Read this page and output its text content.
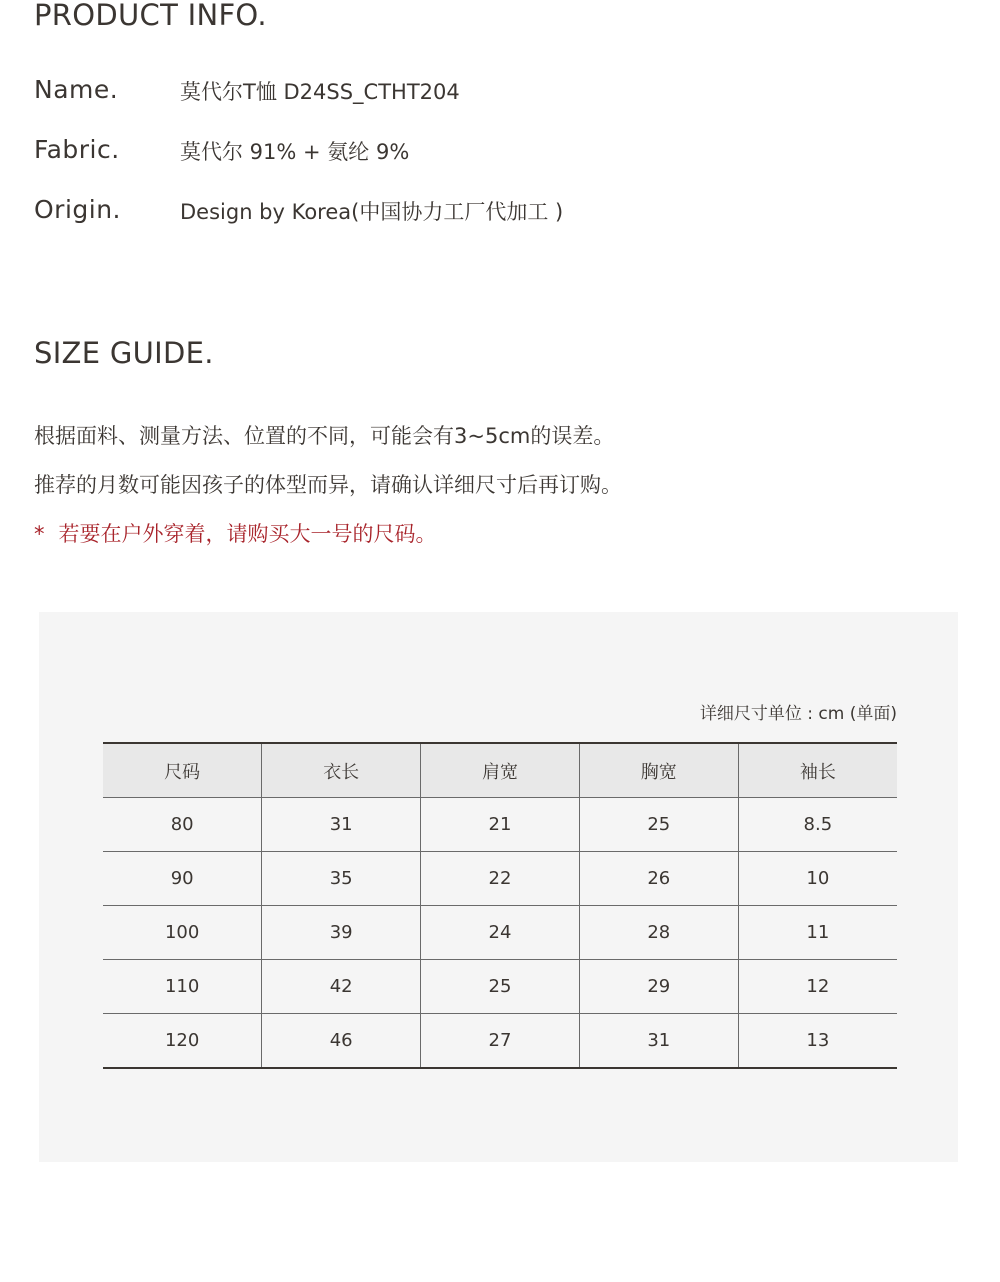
PRODUCT INFO.
Name.	莫代尔T恤 D24SS_CTHT204
Fabric.	莫代尔 91% + 氨纶 9%
Origin.	Design by Korea(中国协力工厂代加工 )
SIZE GUIDE.

根据面料、测量方法、位置的不同，可能会有3~5cm的误差。

推荐的月数可能因孩子的体型而异，请确认详细尺寸后再订购。

* 若要在户外穿着，请购买大一号的尺码。

详细尺寸单位 : cm (单面)
尺码	衣长	肩宽	胸宽	袖长
80	31	21	25	8.5
90	35	22	26	10
100	39	24	28	11
110	42	25	29	12
120	46	27	31	13
